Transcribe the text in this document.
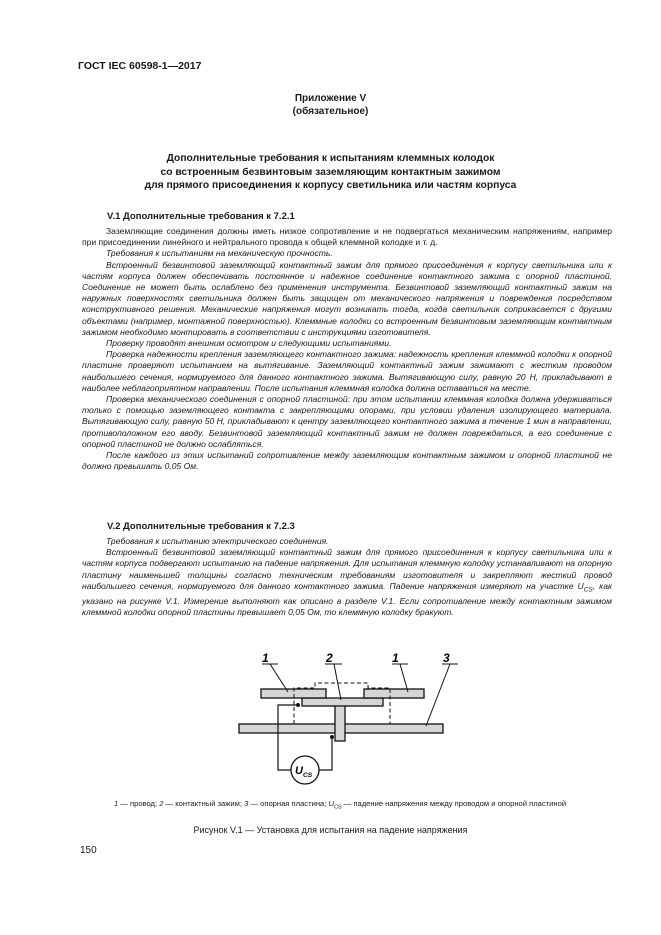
ГОСТ IEC 60598-1—2017
Приложение V
(обязательное)
Дополнительные требования к испытаниям клеммных колодок
со встроенным безвинтовым заземляющим контактным зажимом
для прямого присоединения к корпусу светильника или частям корпуса
V.1 Дополнительные требования к 7.2.1

Заземляющие соединения должны иметь низкое сопротивление и не подвергаться механическим напряжениям, например при присоединении линейного и нейтрального провода к общей клеммной колодке и т. д.

Требования к испытаниям на механическую прочность.

Встроенный безвинтовой заземляющий контактный зажим для прямого присоединения к корпусу светильника или к частям корпуса должен обеспечивать постоянное и надежное соединение контактного зажима с опорной пластиной. Соединение не может быть ослаблено без применения инструмента. Безвинтовой заземляющий контактный зажим на наружных поверхностях светильника должен быть защищен от механического напряжения и повреждения посредством конструктивного решения. Механические напряжения могут возникать тогда, когда светильник соприкасается с другими объектами (например, монтажной поверхностью). Клеммные колодки со встроенным безвинтовым заземляющим контактным зажимом необходимо монтировать в соответствии с инструкциями изготовителя.

Проверку проводят внешним осмотром и следующими испытаниями.

Проверка надежности крепления заземляющего контактного зажима: надежность крепления клеммной колодки к опорной пластине проверяют испытанием на вытягивание. Заземляющий контактный зажим зажимают с жестким проводом наибольшего сечения, нормируемого для данного контактного зажима. Вытягивающую силу, равную 20 Н, прикладывают в наиболее неблагоприятном направлении. После испытания клеммная колодка должна оставаться на месте.

Проверка механического соединения с опорной пластиной: при этом испытании клеммная колодка должна удерживаться только с помощью заземляющего контакта с закрепляющими опорами, при условии удаления изолирующего материала. Вытягивающую силу, равную 50 Н, прикладывают к центру заземляющего контактного зажима в течение 1 мин в направлении, противоположном его вводу. Безвинтовой заземляющий контактный зажим не должен повреждаться, а его соединение с опорной пластиной не должно ослабляться.

После каждого из этих испытаний сопротивление между заземляющим контактным зажимом и опорной пластиной не должно превышать 0,05 Ом.

V.2 Дополнительные требования к 7.2.3

Требования к испытанию электрического соединения.

Встроенный безвинтовой заземляющий контактный зажим для прямого присоединения к корпусу светильника или к частям корпуса подвергают испытанию на падение напряжения. Для испытания клеммную колодку устанавливают на опорную пластину наименьшей толщины согласно техническим требованиям изготовителя и закрепляют жесткий провод наибольшего сечения, нормируемого для данного контактного зажима. Падение напряжения измеряют на участке $U_{CS}$, как указано на рисунке V.1. Измерение выполняют как описано в разделе V.1. Если сопротивление между контактным зажимом клеммной колодки опорной пластины превышает 0,05 Ом, то клеммную колодку бракуют.

U CS
1	2	1	3
1 — провод; 2 — контактный зажим; 3 — опорная пластина; $U_{CS}$ — падение напряжения между проводом и опорной пластиной
Рисунок V.1 — Установка для испытания на падение напряжения
150
